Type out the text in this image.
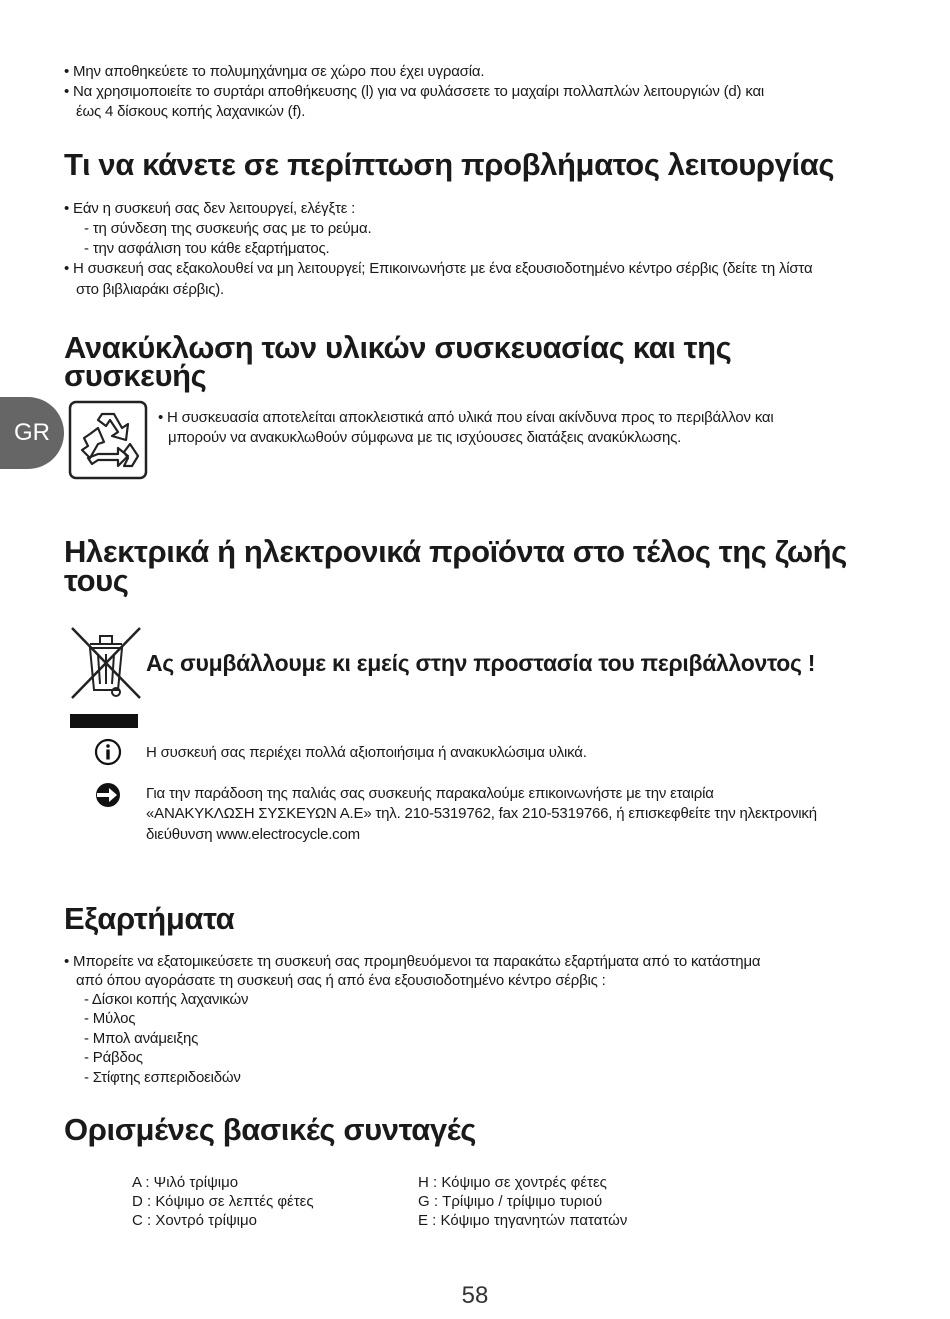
• Μην αποθηκεύετε το πολυμηχάνημα σε χώρο που έχει υγρασία.
• Να χρησιμοποιείτε το συρτάρι αποθήκευσης (l) για να φυλάσσετε το μαχαίρι πολλαπλών λειτουργιών (d) και
έως 4 δίσκους κοπής λαχανικών (f).
Τι να κάνετε σε περίπτωση προβλήματος λειτουργίας
• Εάν η συσκευή σας δεν λειτουργεί, ελέγξτε :
- τη σύνδεση της συσκευής σας με το ρεύμα.
- την ασφάλιση του κάθε εξαρτήματος.
• Η συσκευή σας εξακολουθεί να μη λειτουργεί; Επικοινωνήστε με ένα εξουσιοδοτημένο κέντρο σέρβις (δείτε τη λίστα
στο βιβλιαράκι σέρβις).
Ανακύκλωση των υλικών συσκευασίας και της
συσκευής
GR
• Η συσκευασία αποτελείται αποκλειστικά από υλικά που είναι ακίνδυνα προς το περιβάλλον και
μπορούν να ανακυκλωθούν σύμφωνα με τις ισχύουσες διατάξεις ανακύκλωσης.
Ηλεκτρικά ή ηλεκτρονικά προϊόντα στο τέλος της ζωής
τους
Ας συμβάλλουμε κι εμείς στην προστασία του περιβάλλοντος !
Η συσκευή σας περιέχει πολλά αξιοποιήσιμα ή ανακυκλώσιμα υλικά.
Για την παράδοση της παλιάς σας συσκευής παρακαλούμε επικοινωνήστε με την εταιρία
«ΑΝΑΚΥΚΛΩΣΗ ΣΥΣΚΕΥΩΝ Α.Ε» τηλ. 210-5319762, fax 210-5319766, ή επισκεφθείτε την ηλεκτρονική
διεύθυνση www.electrocycle.com
Εξαρτήματα
• Μπορείτε να εξατομικεύσετε τη συσκευή σας προμηθευόμενοι τα παρακάτω εξαρτήματα από το κατάστημα
από όπου αγοράσατε τη συσκευή σας ή από ένα εξουσιοδοτημένο κέντρο σέρβις :
- Δίσκοι κοπής λαχανικών
- Μύλος
- Μπολ ανάμειξης
- Ράβδος
- Στίφτης εσπεριδοειδών
Ορισμένες βασικές συνταγές
A : Ψιλό τρίψιμο
D : Κόψιμο σε λεπτές φέτες
C : Χοντρό τρίψιμο
H : Κόψιμο σε χοντρές φέτες
G : Τρίψιμο / τρίψιμο τυριού
E : Κόψιμο τηγανητών πατατών
58
